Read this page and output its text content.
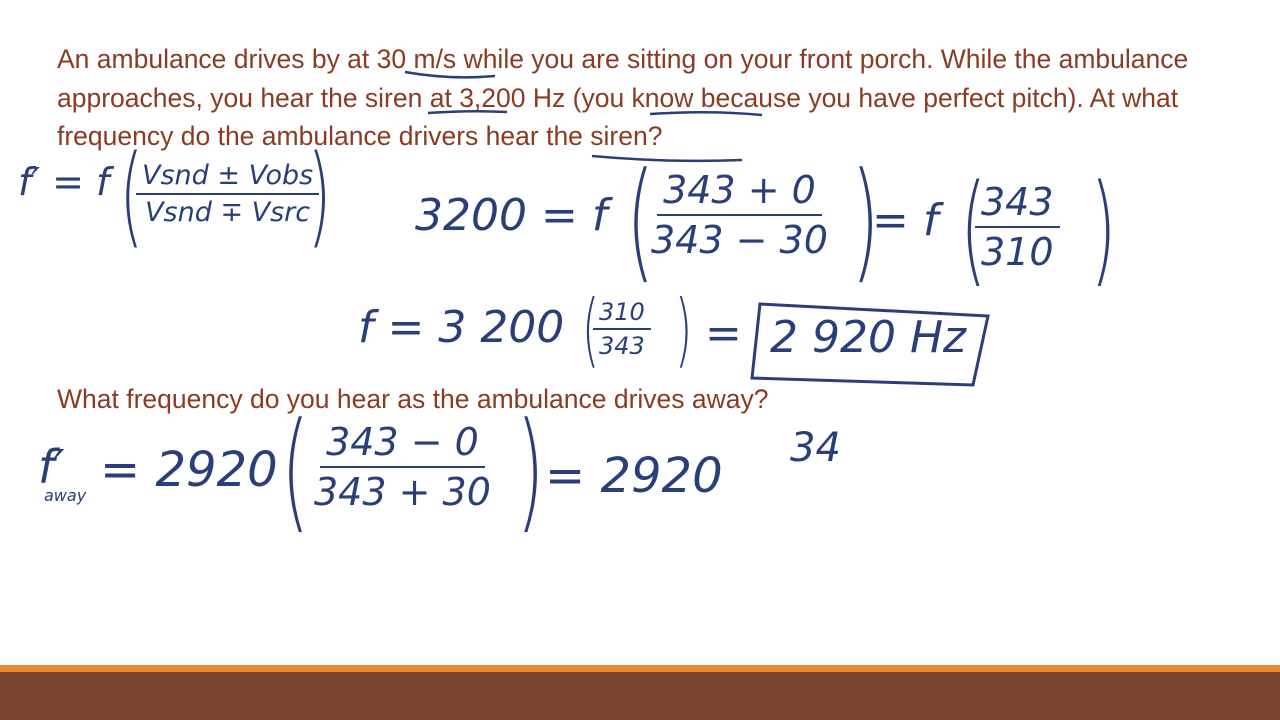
An ambulance drives by at 30 m/s while you are sitting on your front porch. While the ambulance approaches, you hear the siren at 3,200 Hz (you know because you have perfect pitch). At what frequency do the ambulance drivers hear the siren?

f′ = f (
Vsnd ± Vobs
Vsnd ∓ Vsrc
) 3200 = f (
$\frac{343 + 0}{343 - 30}$ )
= f (
$\frac{343}{310}$ )
f = 3 200 (
$\frac{310}{343}$ ) = 2 920 Hz

What frequency do you hear as the ambulance drives away?

f′
away = 2920 (
$\frac{343 - 0}{343 + 30}$ ) = 2920 34
